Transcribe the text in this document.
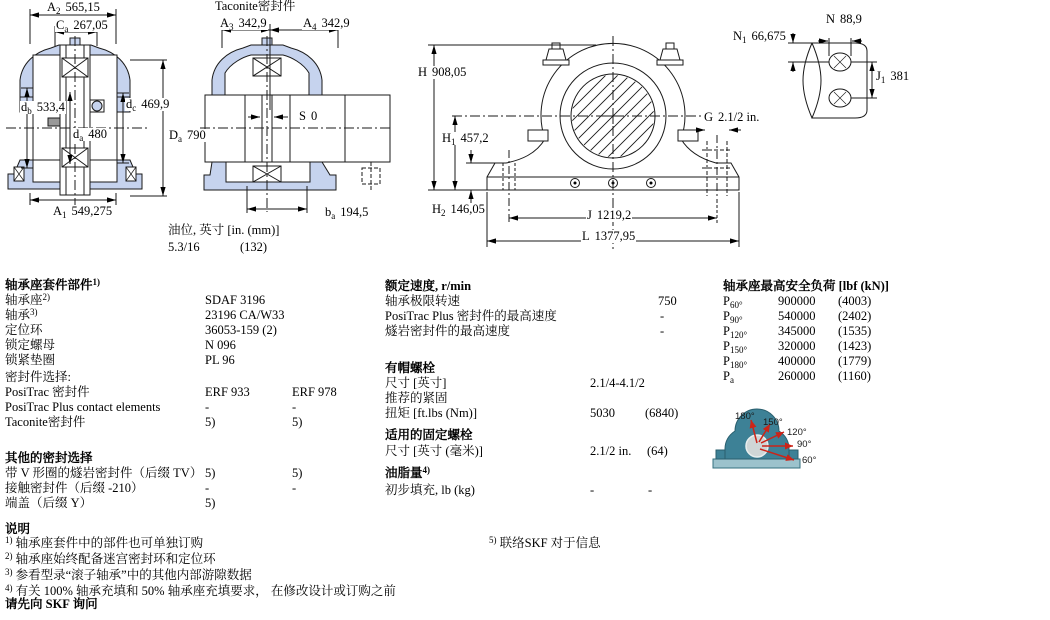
$A_2$ 565,15
$C_a$ 267,05
$d_b$ 533,4	$d_c$ 469,9
$d_a$ 480	$D_a$ 790
$A_1$ 549,275
Taconite密封件
$A_3$ 342,9	$A_4$ 342,9
S 0
$b_a$ 194,5
油位, 英寸 [in. (mm)]
5.3/16	(132)
H 908,05
$H_1$ 457,2
$H_2$ 146,05	J 1219,2
L 1377,95
G 2.1/2 in.
N 88,9
$N_1$ 66,675
$J_1$ 381
180°
150°
120°
90°
60°
轴承座套件部件$^{1)}$
轴承座$^{2)}$	SDAF 3196
轴承$^{3)}$	23196 CA/W33
定位环	36053-159 (2)
锁定螺母	N 096
锁紧垫圈	PL 96
密封件选择:
PosiTrac 密封件	ERF 933	ERF 978
PosiTrac Plus contact elements	-	-
Taconite密封件	5)	5)
其他的密封选择
带 V 形圈的燧岩密封件（后缀 TV） 5)	5)
接触密封件（后缀 -210）	-	-
端盖（后缀 Y）	5)
说明
$^{1)}$ 轴承座套件中的部件也可单独订购
$^{2)}$ 轴承座始终配备迷宫密封环和定位环
$^{3)}$ 参看型录“滚子轴承”中的其他内部游隙数据
$^{4)}$ 有关 100% 轴承充填和 50% 轴承座充填要求， 在修改设计或订购之前
请先向 SKF 询问
额定速度, r/min
轴承极限转速	750
PosiTrac Plus 密封件的最高速度	-
燧岩密封件的最高速度	-
有帽螺栓
尺寸 [英寸]	2.1/4-4.1/2
推荐的紧固
扭矩 [ft.lbs (Nm)]	5030 (6840)
适用的固定螺栓
尺寸 [英寸 (毫米)]	2.1/2 in. (64)
油脂量$^{4)}$
初步填充, lb (kg)	-	-
$^{5)}$ 联络SKF 对于信息
轴承座最高安全负荷 [lbf (kN)]
$P_{60^\circ}$	900000 (4003)
$P_{90^\circ}$	540000 (2402)
$P_{120^\circ}$ 345000 (1535)
$P_{150^\circ}$ 320000 (1423)
$P_{180^\circ}$ 400000 (1779)
$P_a$	260000 (1160)
